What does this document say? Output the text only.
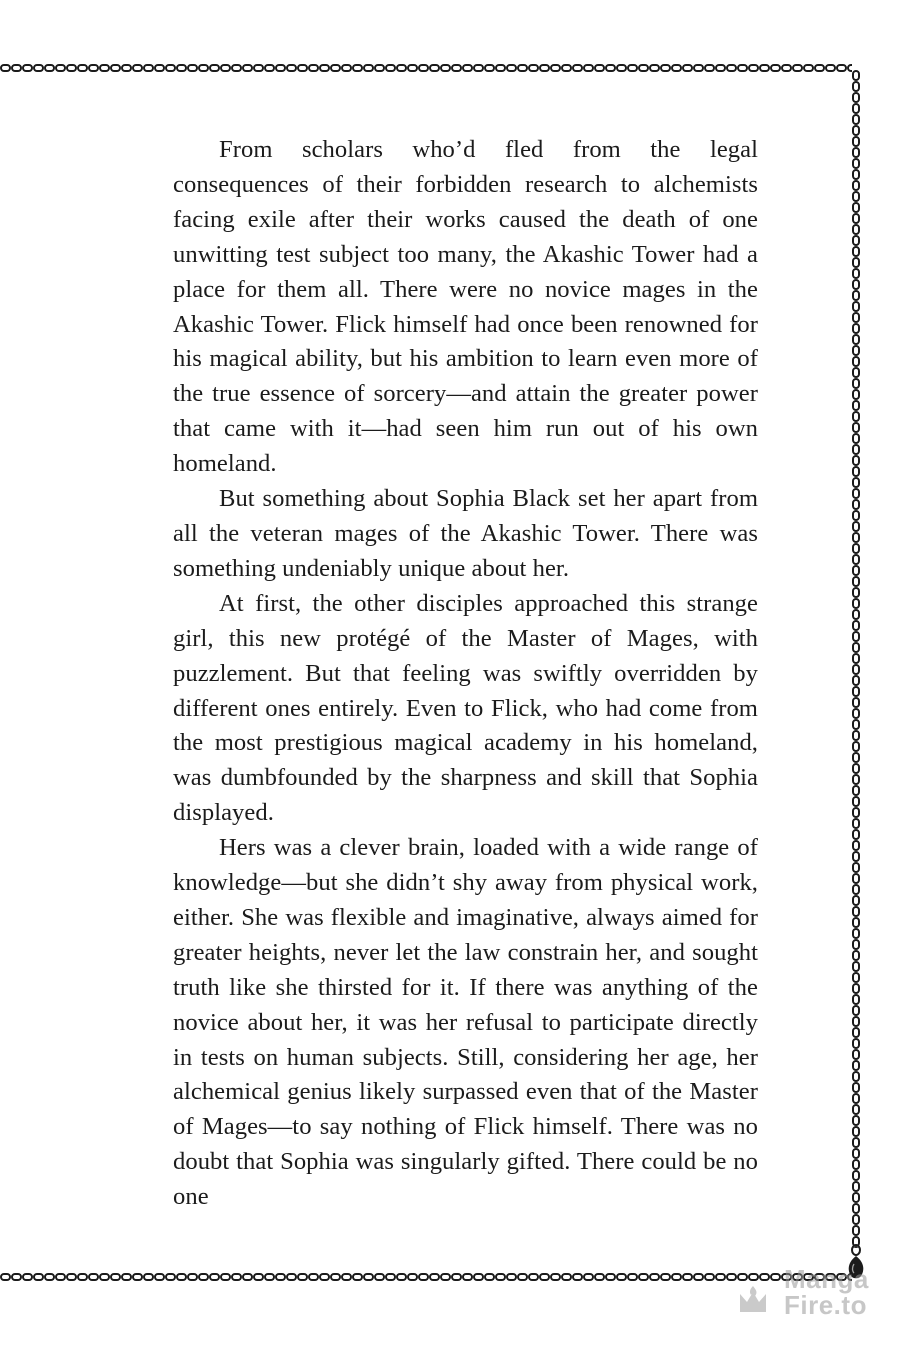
From scholars who’d fled from the legal consequences of their forbidden research to alchemists facing exile after their works caused the death of one unwitting test subject too many, the Akashic Tower had a place for them all. There were no novice mages in the Akashic Tower. Flick himself had once been renowned for his magical ability, but his ambition to learn even more of the true essence of sorcery—and attain the greater power that came with it—had seen him run out of his own homeland.

But something about Sophia Black set her apart from all the veteran mages of the Akashic Tower. There was something undeniably unique about her.

At first, the other disciples approached this strange girl, this new protégé of the Master of Mages, with puzzlement. But that feeling was swiftly overridden by different ones entirely. Even to Flick, who had come from the most prestigious magical academy in his homeland, was dumbfounded by the sharpness and skill that Sophia displayed.

Hers was a clever brain, loaded with a wide range of knowledge—but she didn’t shy away from physical work, either. She was flexible and imaginative, always aimed for greater heights, never let the law constrain her, and sought truth like she thirsted for it. If there was anything of the novice about her, it was her refusal to participate directly in tests on human subjects. Still, considering her age, her alchemical genius likely surpassed even that of the Master of Mages—to say nothing of Flick himself. There was no doubt that Sophia was singularly gifted. There could be no one

Manga
Fire.to
